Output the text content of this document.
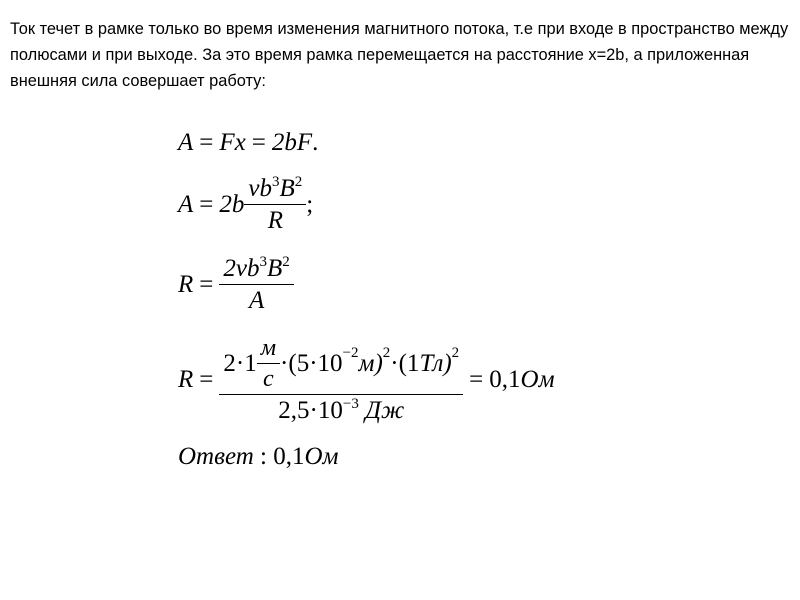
Ток течет в рамке только во время изменения магнитного потока, т.е при входе в пространство между полюсами и при выходе. За это время рамка перемещается на расстояние x=2b, а приложенная внешняя сила совершает работу:

A = Fx = 2bF .
$A = 2b \frac{\nu b^3B^2}{R}$ ;
$R = \frac{2\nu b^3B^2}{A}$
R =
$2\cdot 1 \frac{м}{с} \cdot(5\cdot 10^{-2}$ м)$^2$ ·(1 Тл)$^2$
$2,5\cdot 10^{-3}$ Дж
= 0,1 Ом
Ответ : 0,1 Ом
